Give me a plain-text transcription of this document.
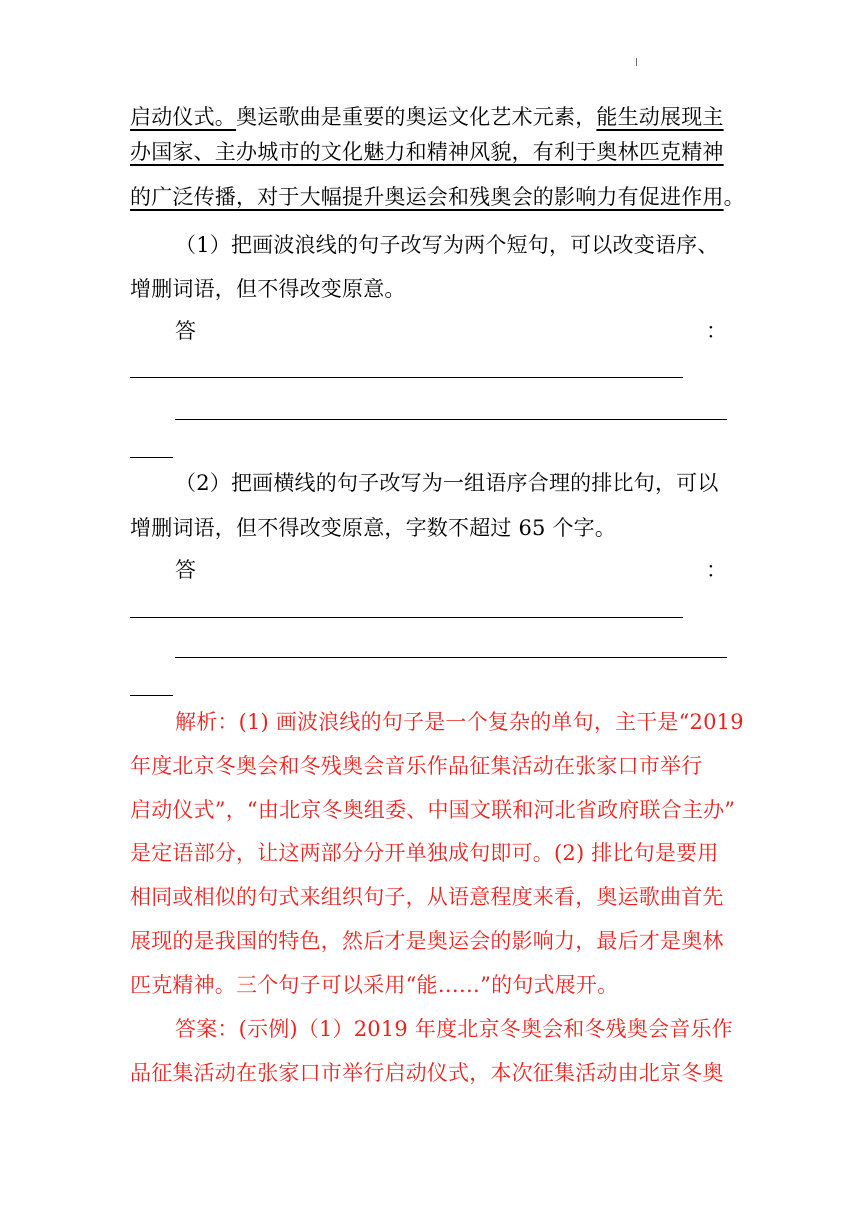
启动仪式。奥运歌曲是重要的奥运文化艺术元素，能生动展现主
办国家、主办城市的文化魅力和精神风貌，有利于奥林匹克精神
的广泛传播，对于大幅提升奥运会和残奥会的影响力有促进作用。
（1）把画波浪线的句子改写为两个短句，可以改变语序、
增删词语，但不得改变原意。
答	：
（2）把画横线的句子改写为一组语序合理的排比句，可以
增删词语，但不得改变原意，字数不超过 65 个字。
答	：
解析：(1) 画波浪线的句子是一个复杂的单句，主干是“2019
年度北京冬奥会和冬残奥会音乐作品征集活动在张家口市举行
启动仪式”，“由北京冬奥组委、中国文联和河北省政府联合主办”
是定语部分，让这两部分分开单独成句即可。(2) 排比句是要用
相同或相似的句式来组织句子，从语意程度来看，奥运歌曲首先
展现的是我国的特色，然后才是奥运会的影响力，最后才是奥林
匹克精神。三个句子可以采用“能……”的句式展开。
答案：(示例)（1）2019 年度北京冬奥会和冬残奥会音乐作
品征集活动在张家口市举行启动仪式，本次征集活动由北京冬奥
